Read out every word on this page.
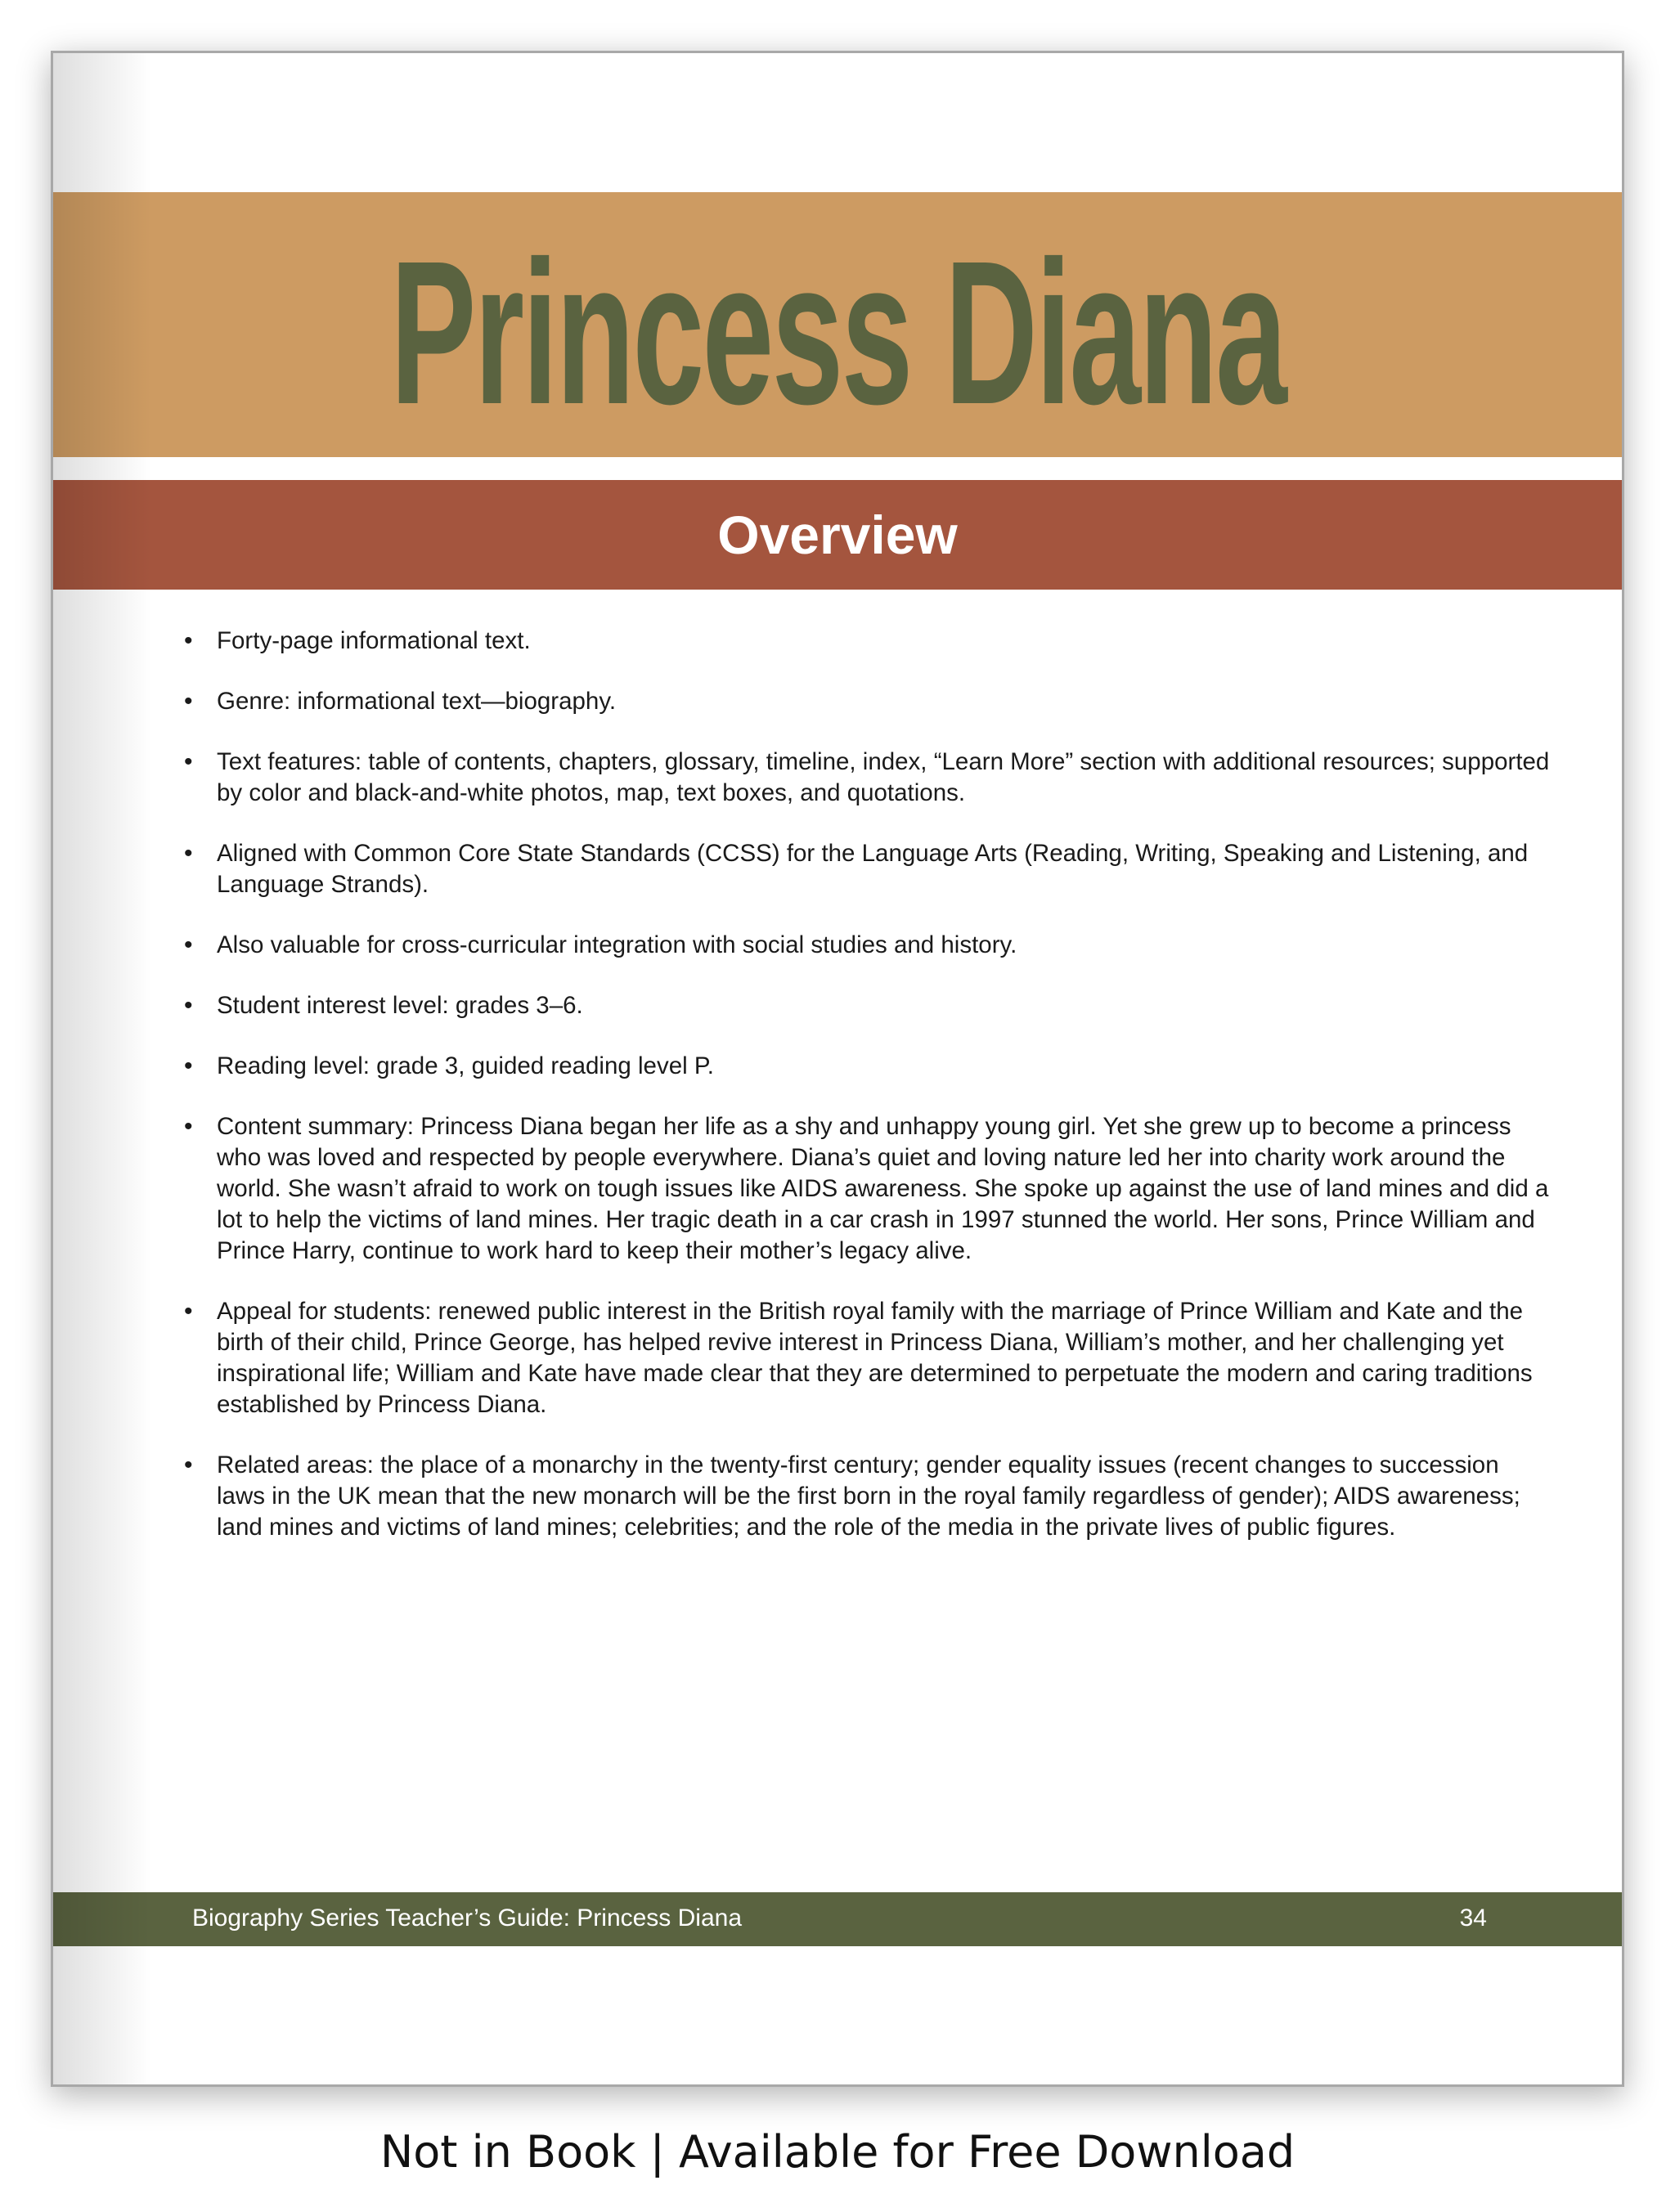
Princess Diana
Overview
• Forty-page informational text.
• Genre: informational text—biography.
• Text features: table of contents, chapters, glossary, timeline, index, “Learn More” section with additional resources; supported by color and black-and-white photos, map, text boxes, and quotations.
• Aligned with Common Core State Standards (CCSS) for the Language Arts (Reading, Writing, Speaking and Listening, and Language Strands).
• Also valuable for cross-curricular integration with social studies and history.
• Student interest level: grades 3–6.
• Reading level: grade 3, guided reading level P.
• Content summary: Princess Diana began her life as a shy and unhappy young girl. Yet she grew up to become a princess who was loved and respected by people everywhere. Diana’s quiet and loving nature led her into charity work around the world. She wasn’t afraid to work on tough issues like AIDS awareness. She spoke up against the use of land mines and did a lot to help the victims of land mines. Her tragic death in a car crash in 1997 stunned the world. Her sons, Prince William and Prince Harry, continue to work hard to keep their mother’s legacy alive.
• Appeal for students: renewed public interest in the British royal family with the marriage of Prince William and Kate and the birth of their child, Prince George, has helped revive interest in Princess Diana, William’s mother, and her challenging yet inspirational life; William and Kate have made clear that they are determined to perpetuate the modern and caring traditions established by Princess Diana.
• Related areas: the place of a monarchy in the twenty-first century; gender equality issues (recent changes to succession laws in the UK mean that the new monarch will be the first born in the royal family regardless of gender); AIDS awareness; land mines and victims of land mines; celebrities; and the role of the media in the private lives of public figures.
Biography Series Teacher’s Guide: Princess Diana	34
Not in Book | Available for Free Download
